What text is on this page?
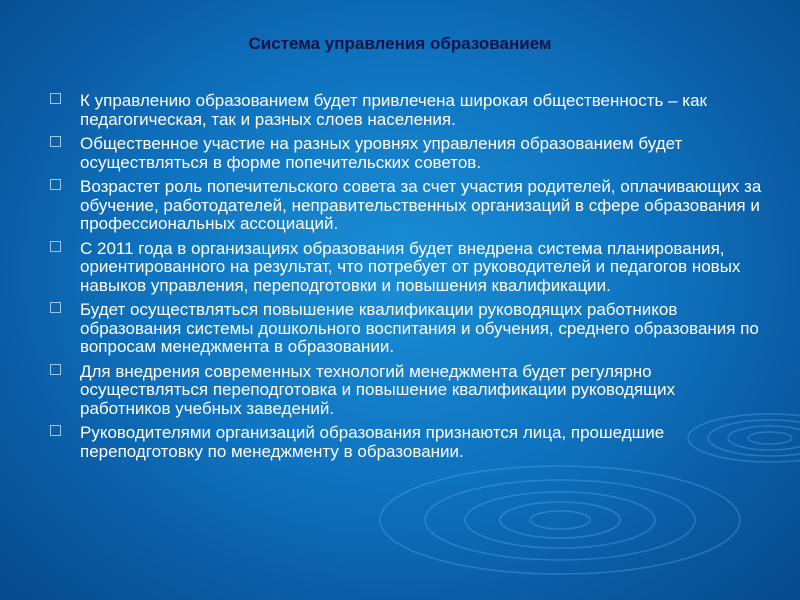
Система управления образованием
К управлению образованием будет привлечена широкая общественность – как педагогическая, так и разных слоев населения.
Общественное участие на разных уровнях управления образованием будет осуществляться в форме попечительских советов.
Возрастет роль попечительского совета за счет участия родителей, оплачивающих за обучение, работодателей, неправительственных организаций в сфере образования и профессиональных ассоциаций.
С 2011 года в организациях образования будет внедрена система планирования, ориентированного на результат, что потребует от руководителей и педагогов новых навыков управления, переподготовки и повышения квалификации.
Будет осуществляться повышение квалификации руководящих работников образования системы дошкольного воспитания и обучения, среднего образования по вопросам менеджмента в образовании.
Для внедрения современных технологий менеджмента будет регулярно осуществляться переподготовка и повышение квалификации руководящих работников учебных заведений.
Руководителями организаций образования признаются лица, прошедшие переподготовку по менеджменту в образовании.
